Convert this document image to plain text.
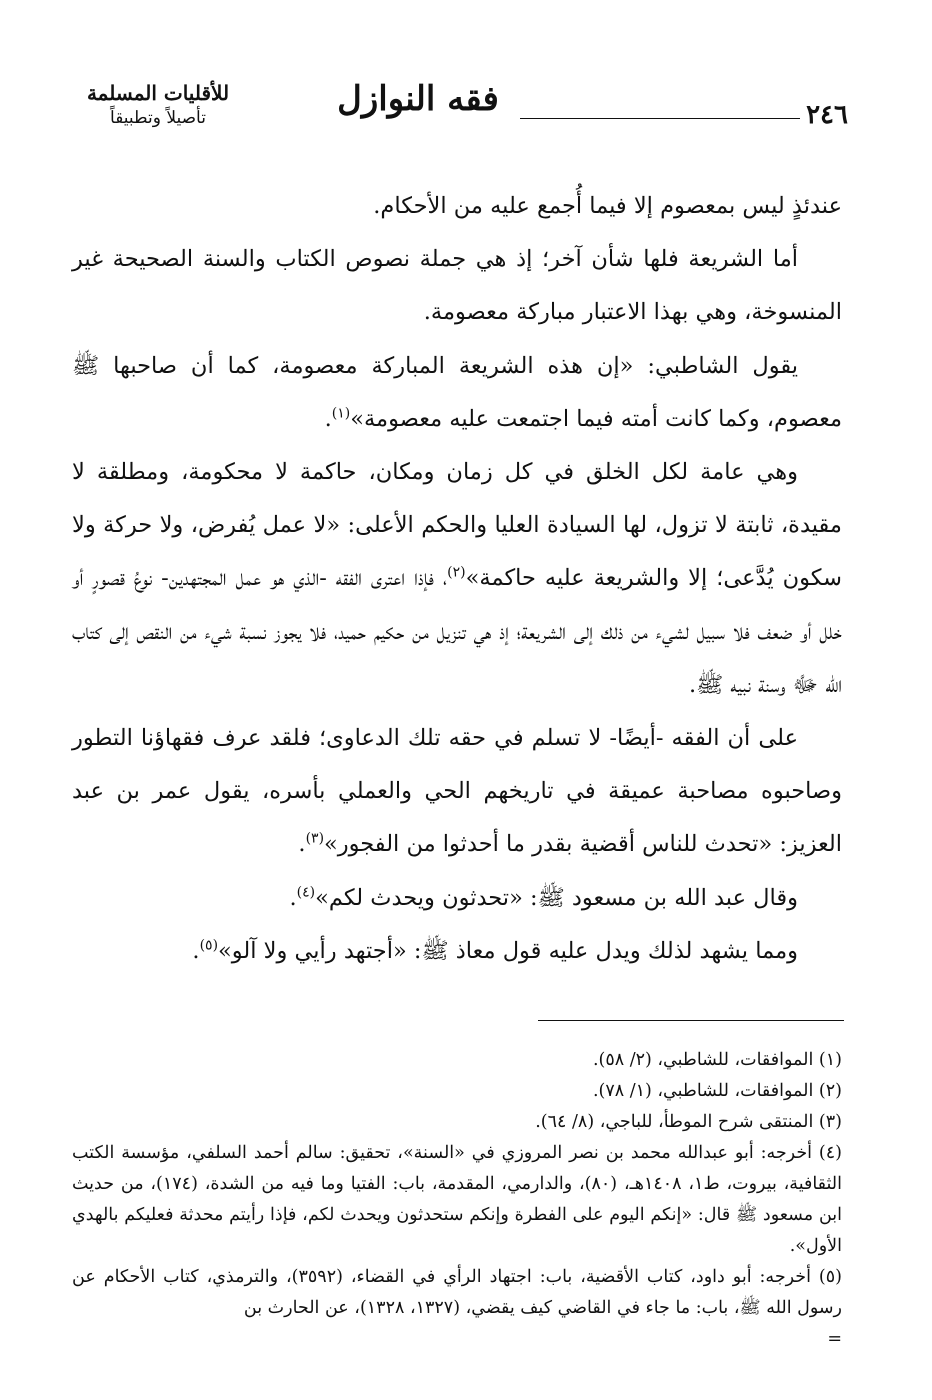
٢٤٦
فقه النوازل
للأقليات المسلمة
تأصيلاً وتطبيقاً

عندئذٍ ليس بمعصوم إلا فيما أُجمع عليه من الأحكام.

أما الشريعة فلها شأن آخر؛ إذ هي جملة نصوص الكتاب والسنة الصحيحة غير المنسوخة، وهي بهذا الاعتبار مباركة معصومة.

يقول الشاطبي: «إن هذه الشريعة المباركة معصومة، كما أن صاحبها ﷺ معصوم، وكما كانت أمته فيما اجتمعت عليه معصومة»$^{(١)}$.

وهي عامة لكل الخلق في كل زمان ومكان، حاكمة لا محكومة، ومطلقة لا مقيدة، ثابتة لا تزول، لها السيادة العليا والحكم الأعلى: «لا عمل يُفرض، ولا حركة ولا سكون يُدَّعى؛ إلا والشريعة عليه حاكمة»$^{(٢)}$، فإذا اعترى الفقه -الذي هو عمل المجتهدين- نوعُ قصورٍ أو خلل أو ضعف فلا سبيل لشيء من ذلك إلى الشريعة؛ إذ هي تنزيل من حكيم حميد، فلا يجوز نسبة شيء من النقص إلى كتاب الله ﷻ وسنة نبيه ﷺ.

على أن الفقه -أيضًا- لا تسلم في حقه تلك الدعاوى؛ فلقد عرف فقهاؤنا التطور وصاحبوه مصاحبة عميقة في تاريخهم الحي والعملي بأسره، يقول عمر بن عبد العزيز: «تحدث للناس أقضية بقدر ما أحدثوا من الفجور»$^{(٣)}$.

وقال عبد الله بن مسعود ﷺ: «تحدثون ويحدث لكم»$^{(٤)}$.

ومما يشهد لذلك ويدل عليه قول معاذ ﷺ: «أجتهد رأيي ولا آلو»$^{(٥)}$.

(١) الموافقات، للشاطبي، (٢/ ٥٨).

(٢) الموافقات، للشاطبي، (١/ ٧٨).

(٣) المنتقى شرح الموطأ، للباجي، (٨/ ٦٤).

(٤) أخرجه: أبو عبدالله محمد بن نصر المروزي في «السنة»، تحقيق: سالم أحمد السلفي، مؤسسة الكتب الثقافية، بيروت، ط١، ١٤٠٨هـ، (٨٠)، والدارمي، المقدمة، باب: الفتيا وما فيه من الشدة، (١٧٤)، من حديث ابن مسعود ﷺ قال: «إنكم اليوم على الفطرة وإنكم ستحدثون ويحدث لكم، فإذا رأيتم محدثة فعليكم بالهدي الأول».

(٥) أخرجه: أبو داود، كتاب الأقضية، باب: اجتهاد الرأي في القضاء، (٣٥٩٢)، والترمذي، كتاب الأحكام عن رسول الله ﷺ، باب: ما جاء في القاضي كيف يقضي، (١٣٢٧، ١٣٢٨)، عن الحارث بن

=
